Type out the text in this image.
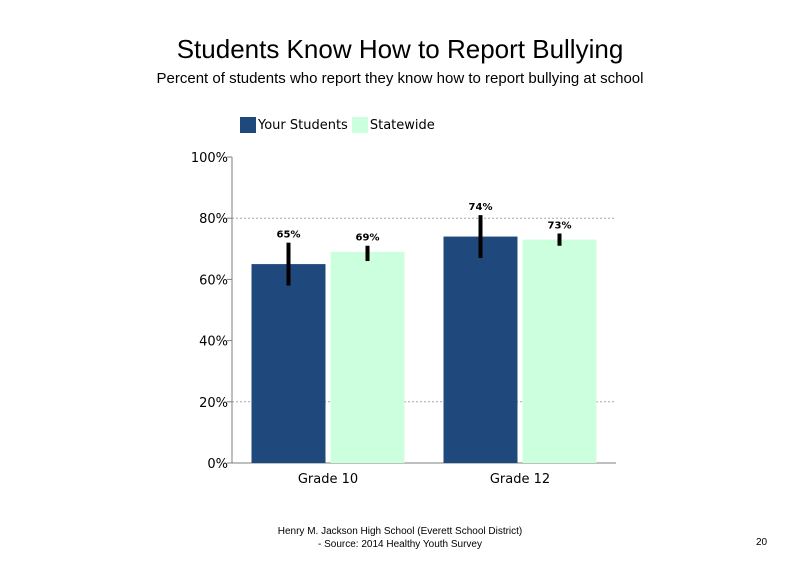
Students Know How to Report Bullying
Percent of students who report they know how to report bullying at school
Your Students Statewide
0%
20%
40%
60%
80%
100%
65%	69%
Grade 10
74%
73%
Grade 12
Henry M. Jackson High School (Everett School District)
- Source: 2014 Healthy Youth Survey	20
